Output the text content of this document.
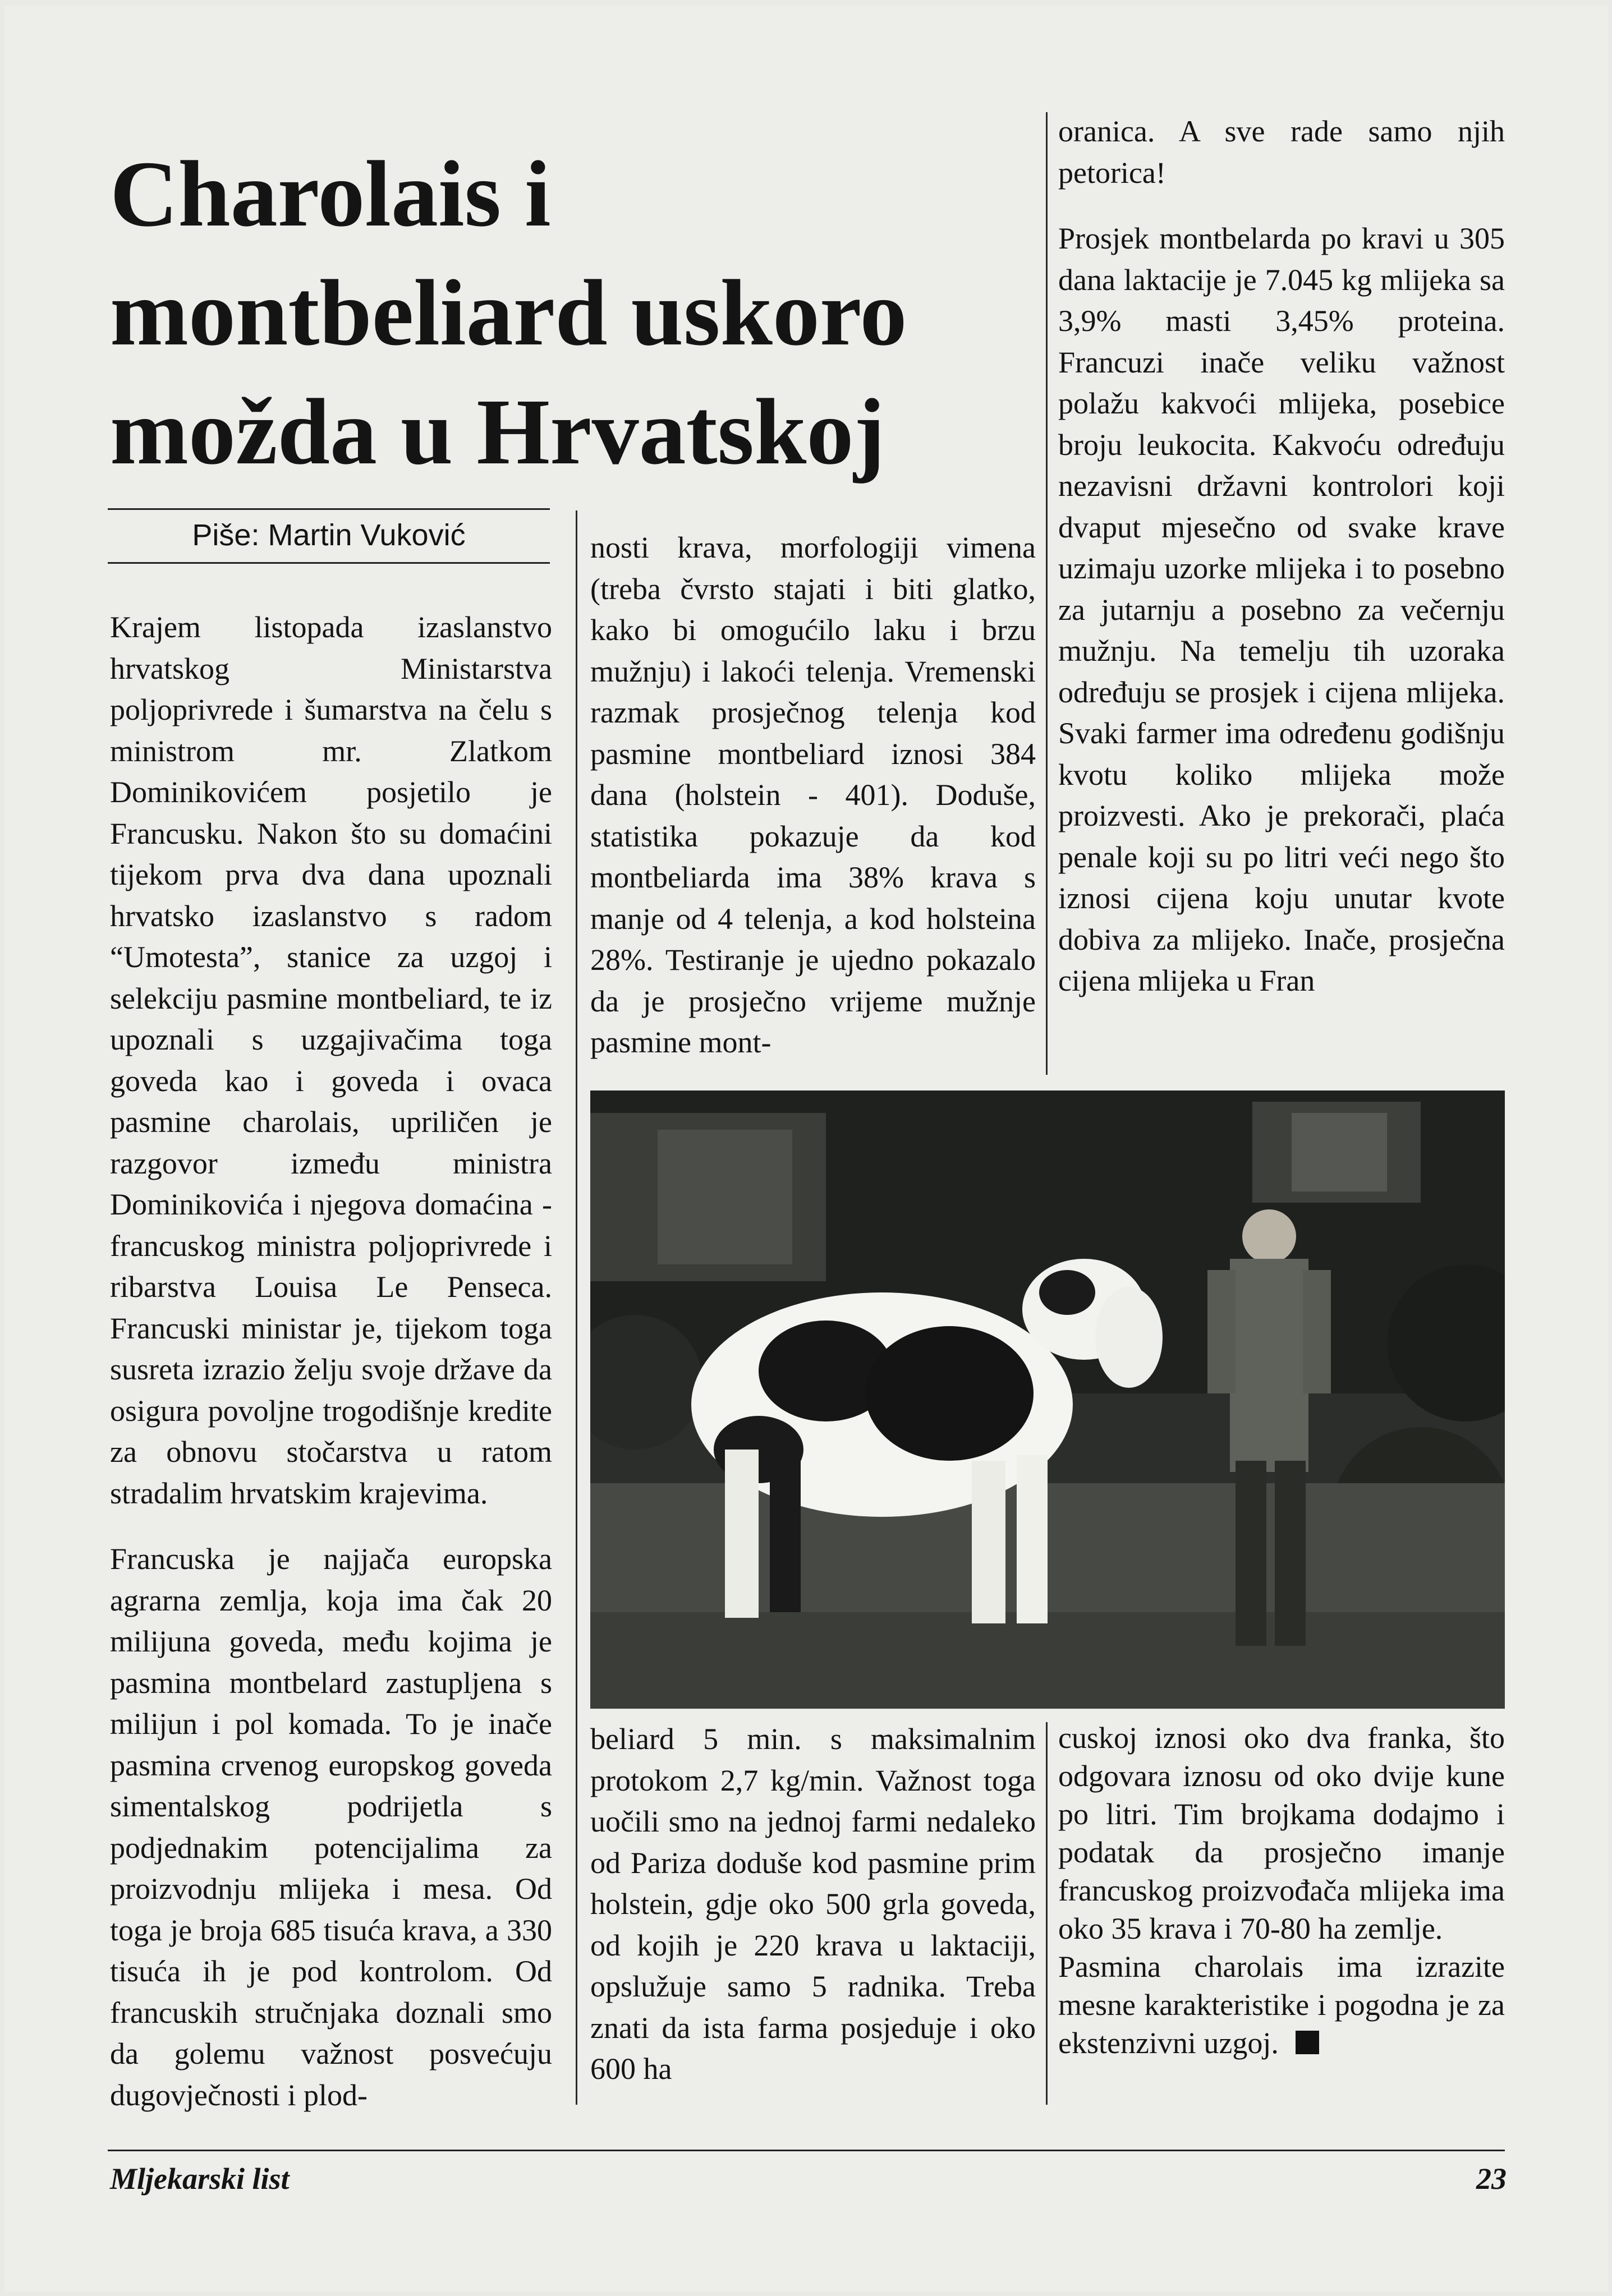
Charolais i
montbeliard uskoro
možda u Hrvatskoj
Piše: Martin Vuković

Krajem listopada izaslanstvo hrvatskog Ministarstva poljoprivrede i šumarstva na čelu s ministrom mr. Zlatkom Dominikovićem posjetilo je Francusku. Nakon što su domaćini tijekom prva dva dana upoznali hrvatsko izaslanstvo s radom “Umotesta”, stanice za uzgoj i selekciju pasmine montbeliard, te iz upoznali s uzgajivačima toga goveda kao i goveda i ovaca pasmine charolais, upriličen je razgovor između ministra Dominikovića i njegova domaćina - francuskog ministra poljoprivrede i ribarstva Louisa Le Penseca. Francuski ministar je, tijekom toga susreta izrazio želju svoje države da osigura povoljne trogodišnje kredite za obnovu stočarstva u ratom stradalim hrvatskim krajevima.

Francuska je najjača europska agrarna zemlja, koja ima čak 20 milijuna goveda, među kojima je pasmina montbelard zastupljena s milijun i pol komada. To je inače pasmina crvenog europskog goveda simentalskog podrijetla s podjednakim potencijalima za proizvodnju mlijeka i mesa. Od toga je broja 685 tisuća krava, a 330 tisuća ih je pod kontrolom. Od francuskih stručnjaka doznali smo da golemu važnost posvećuju dugovječnosti i plod-

nosti krava, morfologiji vimena (treba čvrsto stajati i biti glatko, kako bi omogućilo laku i brzu mužnju) i lakoći telenja. Vremenski razmak prosječnog telenja kod pasmine montbeliard iznosi 384 dana (holstein - 401). Doduše, statistika pokazuje da kod montbeliarda ima 38% krava s manje od 4 telenja, a kod holsteina 28%. Testiranje je ujedno pokazalo da je prosječno vrijeme mužnje pasmine mont-

oranica. A sve rade samo njih petorica!

Prosjek montbelarda po kravi u 305 dana laktacije je 7.045 kg mlijeka sa 3,9% masti 3,45% proteina. Francuzi inače veliku važnost polažu kakvoći mlijeka, posebice broju leukocita. Kakvoću određuju nezavisni državni kontrolori koji dvaput mjesečno od svake krave uzimaju uzorke mlijeka i to posebno za jutarnju a posebno za večernju mužnju. Na temelju tih uzoraka određuju se prosjek i cijena mlijeka. Svaki farmer ima određenu godišnju kvotu koliko mlijeka može proizvesti. Ako je prekorači, plaća penale koji su po litri veći nego što iznosi cijena koju unutar kvote dobiva za mlijeko. Inače, prosječna cijena mlijeka u Fran

beliard 5 min. s maksimalnim protokom 2,7 kg/min. Važnost toga uočili smo na jednoj farmi nedaleko od Pariza doduše kod pasmine prim holstein, gdje oko 500 grla goveda, od kojih je 220 krava u laktaciji, opslužuje samo 5 radnika. Treba znati da ista farma posjeduje i oko 600 ha

cuskoj iznosi oko dva franka, što odgovara iznosu od oko dvije kune po litri. Tim brojkama dodajmo i podatak da prosječno imanje francuskog proizvođača mlijeka ima oko 35 krava i 70-80 ha zemlje.

Pasmina charolais ima izrazite mesne karakteristike i pogodna je za ekstenzivni uzgoj.

Mljekarski list	23
